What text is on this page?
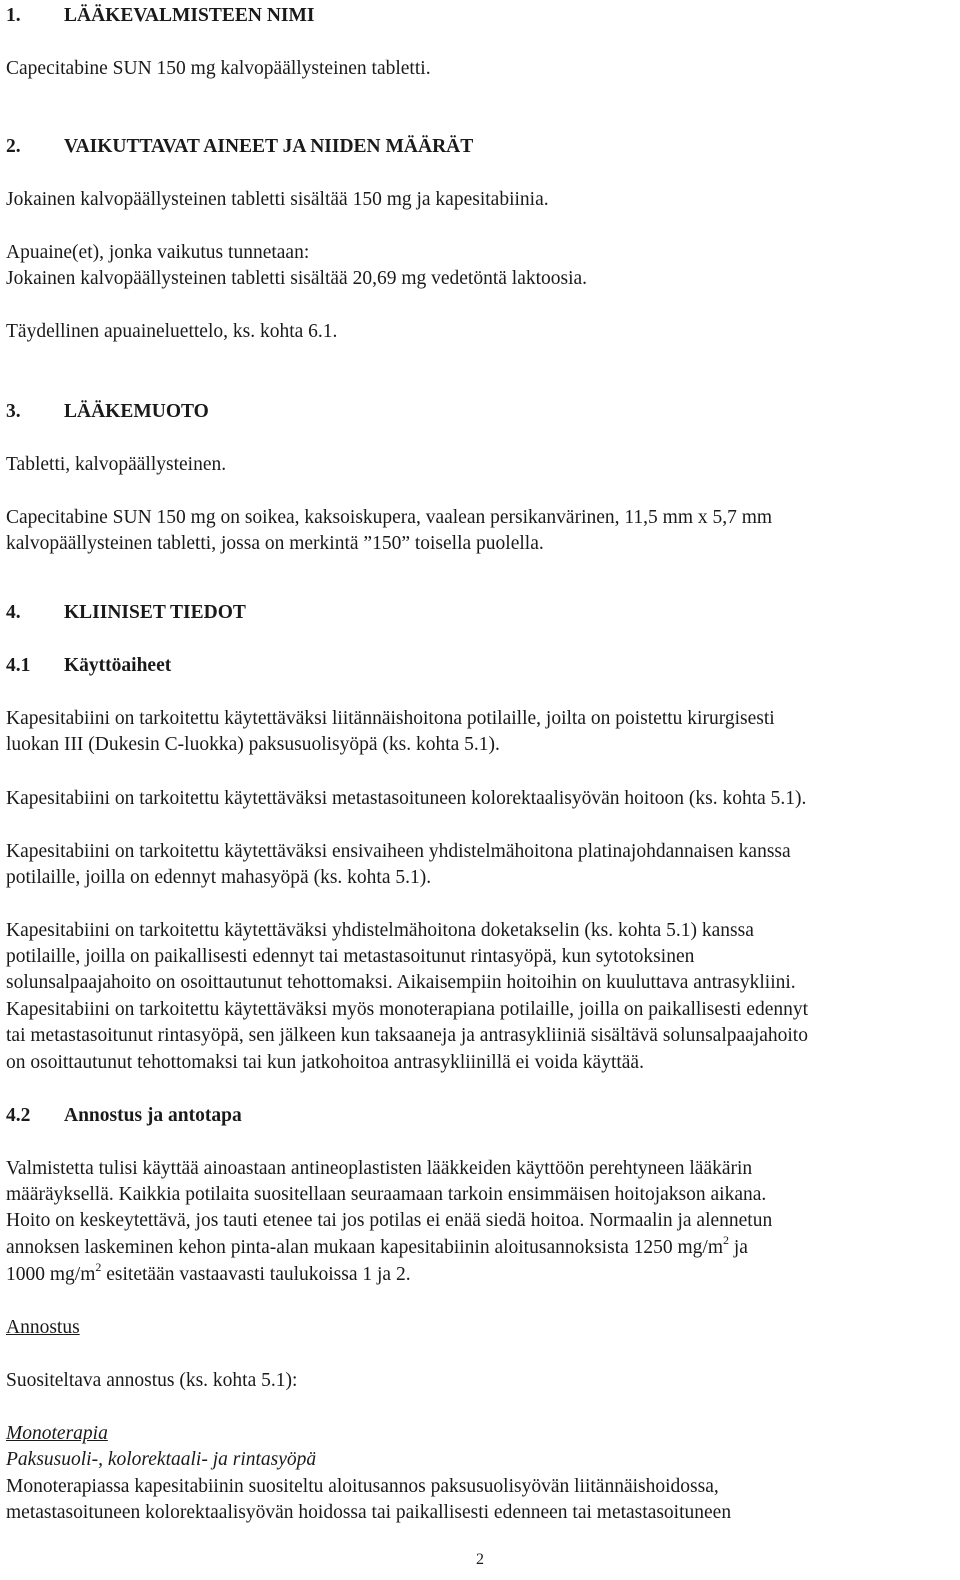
1. LÄÄKEVALMISTEEN NIMI
Capecitabine SUN 150 mg kalvopäällysteinen tabletti.
2. VAIKUTTAVAT AINEET JA NIIDEN MÄÄRÄT
Jokainen kalvopäällysteinen tabletti sisältää 150 mg ja kapesitabiinia.
Apuaine(et), jonka vaikutus tunnetaan:
Jokainen kalvopäällysteinen tabletti sisältää 20,69 mg vedetöntä laktoosia.
Täydellinen apuaineluettelo, ks. kohta 6.1.
3. LÄÄKEMUOTO
Tabletti, kalvopäällysteinen.
Capecitabine SUN 150 mg on soikea, kaksoiskupera, vaalean persikanvärinen, 11,5 mm x 5,7 mm
kalvopäällysteinen tabletti, jossa on merkintä ”150” toisella puolella.
4. KLIINISET TIEDOT
4.1 Käyttöaiheet
Kapesitabiini on tarkoitettu käytettäväksi liitännäishoitona potilaille, joilta on poistettu kirurgisesti
luokan III (Dukesin C-luokka) paksusuolisyöpä (ks. kohta 5.1).
Kapesitabiini on tarkoitettu käytettäväksi metastasoituneen kolorektaalisyövän hoitoon (ks. kohta 5.1).
Kapesitabiini on tarkoitettu käytettäväksi ensivaiheen yhdistelmähoitona platinajohdannaisen kanssa
potilaille, joilla on edennyt mahasyöpä (ks. kohta 5.1).
Kapesitabiini on tarkoitettu käytettäväksi yhdistelmähoitona doketakselin (ks. kohta 5.1) kanssa
potilaille, joilla on paikallisesti edennyt tai metastasoitunut rintasyöpä, kun sytotoksinen
solunsalpaajahoito on osoittautunut tehottomaksi. Aikaisempiin hoitoihin on kuuluttava antrasykliini.
Kapesitabiini on tarkoitettu käytettäväksi myös monoterapiana potilaille, joilla on paikallisesti edennyt
tai metastasoitunut rintasyöpä, sen jälkeen kun taksaaneja ja antrasykliiniä sisältävä solunsalpaajahoito
on osoittautunut tehottomaksi tai kun jatkohoitoa antrasykliinillä ei voida käyttää.
4.2 Annostus ja antotapa
Valmistetta tulisi käyttää ainoastaan antineoplastisten lääkkeiden käyttöön perehtyneen lääkärin
määräyksellä. Kaikkia potilaita suositellaan seuraamaan tarkoin ensimmäisen hoitojakson aikana.
Hoito on keskeytettävä, jos tauti etenee tai jos potilas ei enää siedä hoitoa. Normaalin ja alennetun
annoksen laskeminen kehon pinta-alan mukaan kapesitabiinin aloitusannoksista 1250 $mg/m^2$ ja
1000 $mg/m^2$ esitetään vastaavasti taulukoissa 1 ja 2.
Annostus
Suositeltava annostus (ks. kohta 5.1):
Monoterapia
Paksusuoli-, kolorektaali- ja rintasyöpä
Monoterapiassa kapesitabiinin suositeltu aloitusannos paksusuolisyövän liitännäishoidossa,
metastasoituneen kolorektaalisyövän hoidossa tai paikallisesti edenneen tai metastasoituneen
2
